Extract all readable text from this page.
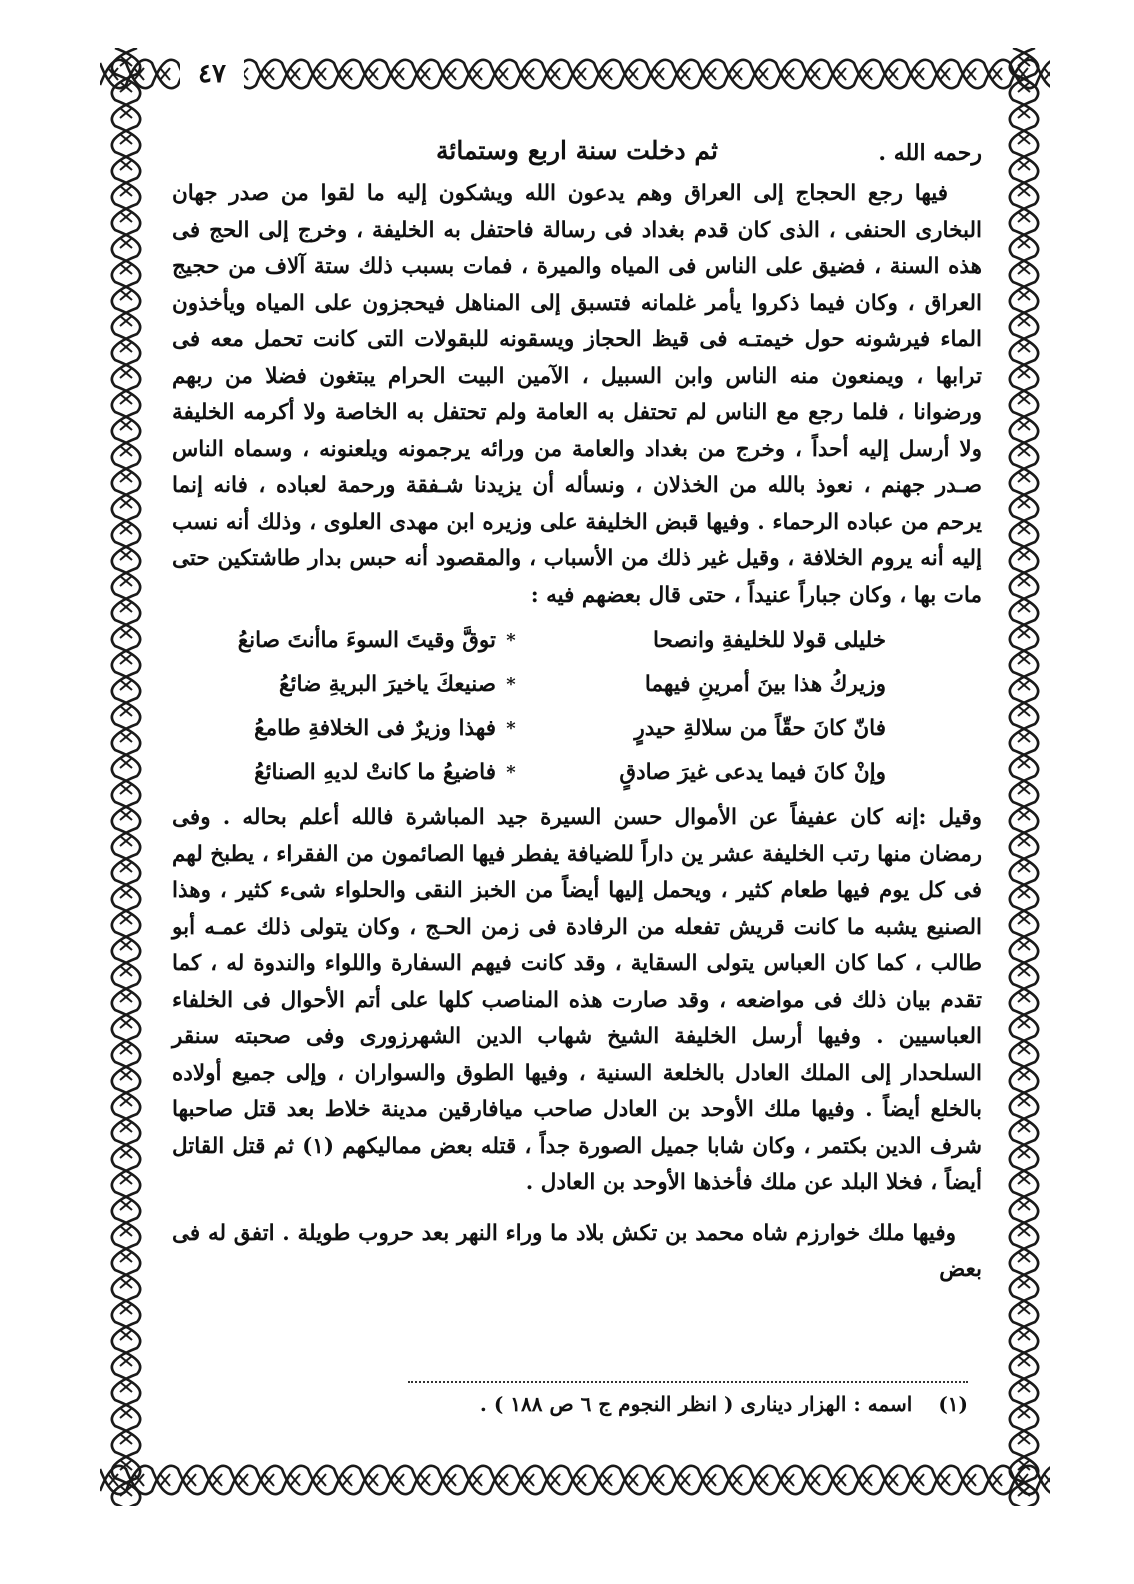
٤٧
رحمه الله .
ثم دخلت سنة اربع وستمائة

فيها رجع الحجاج إلى العراق وهم يدعون الله ويشكون إليه ما لقوا من صدر جهان البخارى الحنفى ، الذى كان قدم بغداد فى رسالة فاحتفل به الخليفة ، وخرج إلى الحج فى هذه السنة ، فضيق على الناس فى المياه والميرة ، فمات بسبب ذلك ستة آلاف من حجيج العراق ، وكان فيما ذكروا يأمر غلمانه فتسبق إلى المناهل فيحجزون على المياه ويأخذون الماء فيرشونه حول خيمتـه فى قيظ الحجاز ويسقونه للبقولات التى كانت تحمل معه فى ترابها ، ويمنعون منه الناس وابن السبيل ، الآمين البيت الحرام يبتغون فضلا من ربهم ورضوانا ، فلما رجع مع الناس لم تحتفل به العامة ولم تحتفل به الخاصة ولا أكرمه الخليفة ولا أرسل إليه أحداً ، وخرج من بغداد والعامة من ورائه يرجمونه ويلعنونه ، وسماه الناس صـدر جهنم ، نعوذ بالله من الخذلان ، ونسأله أن يزيدنا شـفقة ورحمة لعباده ، فانه إنما يرحم من عباده الرحماء . وفيها قبض الخليفة على وزيره ابن مهدى العلوى ، وذلك أنه نسب إليه أنه يروم الخلافة ، وقيل غير ذلك من الأسباب ، والمقصود أنه حبس بدار طاشتكين حتى مات بها ، وكان جباراً عنيداً ، حتى قال بعضهم فيه :

خليلى قولا للخليفةِ وانصحا
*
توقَّ وقيتَ السوءَ ماأنتَ صانعُ
وزيركُ هذا بينَ أمرينِ فيهما
*
صنيعكَ ياخيرَ البريةِ ضائعُ
فانّ كانَ حقّاً من سلالةِ حيدرٍ
*
فهذا وزيرٌ فى الخلافةِ طامعُ
وإنْ كانَ فيما يدعى غيرَ صادقٍ
*
فاضيعُ ما كانتْ لديهِ الصنائعُ

وقيل :إنه كان عفيفاً عن الأموال حسن السيرة جيد المباشرة فالله أعلم بحاله . وفى رمضان منها رتب الخليفة عشر ين داراً للضيافة يفطر فيها الصائمون من الفقراء ، يطبخ لهم فى كل يوم فيها طعام كثير ، ويحمل إليها أيضاً من الخبز النقى والحلواء شىء كثير ، وهذا الصنيع يشبه ما كانت قريش تفعله من الرفادة فى زمن الحـج ، وكان يتولى ذلك عمـه أبو طالب ، كما كان العباس يتولى السقاية ، وقد كانت فيهم السفارة واللواء والندوة له ، كما تقدم بيان ذلك فى مواضعه ، وقد صارت هذه المناصب كلها على أتم الأحوال فى الخلفاء العباسيين . وفيها أرسل الخليفة الشيخ شهاب الدين الشهرزورى وفى صحبته سنقر السلحدار إلى الملك العادل بالخلعة السنية ، وفيها الطوق والسواران ، وإلى جميع أولاده بالخلع أيضاً . وفيها ملك الأوحد بن العادل صاحب ميافارقين مدينة خلاط بعد قتل صاحبها شرف الدين بكتمر ، وكان شابا جميل الصورة جداً ، قتله بعض مماليكهم (١) ثم قتل القاتل أيضاً ، فخلا البلد عن ملك فأخذها الأوحد بن العادل .

وفيها ملك خوارزم شاه محمد بن تكش بلاد ما وراء النهر بعد حروب طويلة . اتفق له فى بعض

(١)
اسمه : الهزار دينارى ( انظر النجوم ج ٦ ص ١٨٨ ) .
